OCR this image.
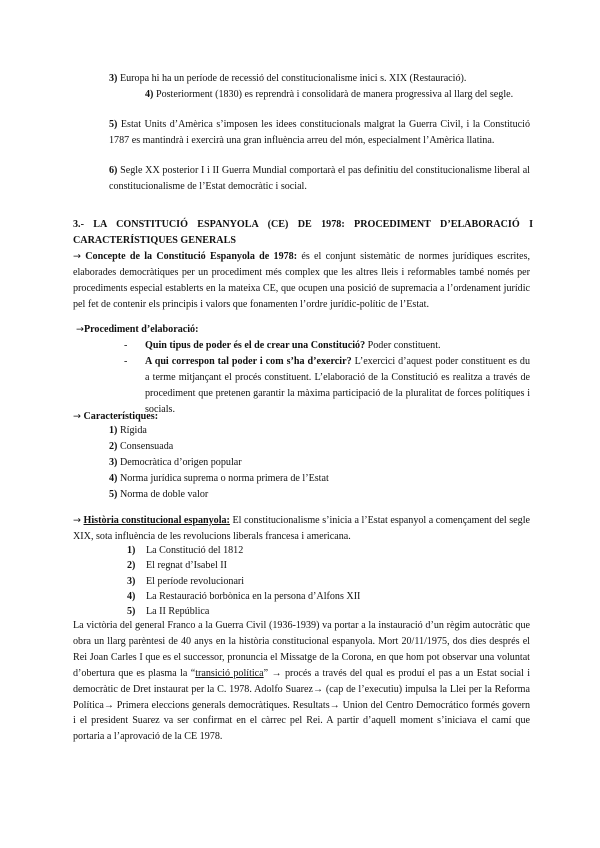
3) Europa hi ha un període de recessió del constitucionalisme inici s. XIX (Restauració).

4) Posteriorment (1830) es reprendrà i consolidarà de manera progressiva al llarg del segle.

5) Estat Units d’Amèrica s’imposen les idees constitucionals malgrat la Guerra Civil, i la Constitució 1787 es mantindrà i exercirà una gran influència arreu del món, especialment l’Amèrica llatina.

6) Segle XX posterior I i II Guerra Mundial comportarà el pas definitiu del constitucionalisme liberal al constitucionalisme de l’Estat democràtic i social.

3.- LA CONSTITUCIÓ ESPANYOLA (CE) DE 1978: PROCEDIMENT D’ELABORACIÓ I CARACTERÍSTIQUES GENERALS

→ Concepte de la Constitució Espanyola de 1978: és el conjunt sistemàtic de normes jurídiques escrites, elaborades democràtiques per un procediment més complex que les altres lleis i reformables també només per procediments especial establerts en la mateixa CE, que ocupen una posició de supremacia a l’ordenament jurídic pel fet de contenir els principis i valors que fonamenten l’ordre jurídic-polític de l’Estat.

→Procediment d’elaboració:

- Quin tipus de poder és el de crear una Constitució? Poder constituent.
- A qui correspon tal poder i com s’ha d’exercir? L’exercici d’aquest poder constituent es du a terme mitjançant el procés constituent. L’elaboració de la Constitució es realitza a través de procediment que pretenen garantir la màxima participació de la pluralitat de forces polítiques i socials.

→ Característiques:

1) Rígida
2) Consensuada
3) Democràtica d’origen popular
4) Norma jurídica suprema o norma primera de l’Estat
5) Norma de doble valor

→ Història constitucional espanyola: El constitucionalisme s’inicia a l’Estat espanyol a començament del segle XIX, sota influència de les revolucions liberals francesa i americana.

1) La Constitució del 1812
2) El regnat d’Isabel II
3) El període revolucionari
4) La Restauració borbònica en la persona d’Alfons XII
5) La II República

La victòria del general Franco a la Guerra Civil (1936-1939) va portar a la instauració d’un règim autocràtic que obra un llarg parèntesi de 40 anys en la història constitucional espanyola. Mort 20/11/1975, dos dies després el Rei Joan Carles I que es el successor, pronuncia el Missatge de la Corona, en que hom pot observar una voluntat d’obertura que es plasma la “transició política” → procés a través del qual es produí el pas a un Estat social i democràtic de Dret instaurat per la C. 1978. Adolfo Suarez→ (cap de l’executiu) impulsa la Llei per la Reforma Política→ Primera eleccions generals democràtiques. Resultats→ Union del Centro Democrático formés govern i el president Suarez va ser confirmat en el càrrec pel Rei. A partir d’aquell moment s’iniciava el camí que portaria a l’aprovació de la CE 1978.
